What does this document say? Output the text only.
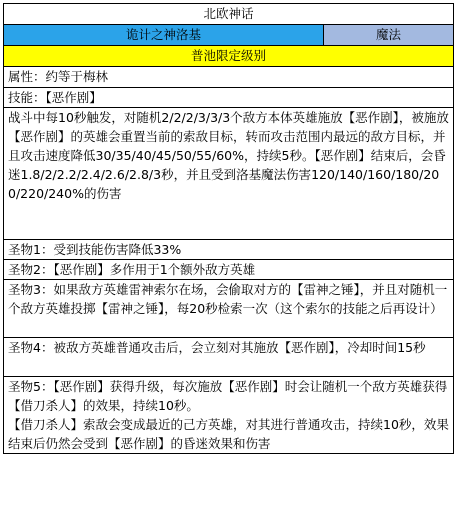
北欧神话
诡计之神洛基	魔法
普池限定级别
属性：约等于梅林
技能：【恶作剧】
战斗中每10秒触发，对随机2/2/2/3/3/3个敌方本体英雄施放【恶作剧】，被施放【恶作剧】的英雄会重置当前的索敌目标，转而攻击范围内最远的敌方目标，并且攻击速度降低30/35/40/45/50/55/60%，持续5秒。【恶作剧】结束后，会昏迷1.8/2/2.2/2.4/2.6/2.8/3秒，并且受到洛基魔法伤害120/140/160/180/200/220/240%的伤害
圣物1：受到技能伤害降低33%
圣物2：【恶作剧】多作用于1个额外敌方英雄
圣物3：如果敌方英雄雷神索尔在场，会偷取对方的【雷神之锤】，并且对随机一个敌方英雄投掷【雷神之锤】，每20秒检索一次（这个索尔的技能之后再设计）
圣物4：被敌方英雄普通攻击后，会立刻对其施放【恶作剧】，冷却时间15秒
圣物5：【恶作剧】获得升级，每次施放【恶作剧】时会让随机一个敌方英雄获得【借刀杀人】的效果，持续10秒。
【借刀杀人】索敌会变成最近的己方英雄，对其进行普通攻击，持续10秒，效果结束后仍然会受到【恶作剧】的昏迷效果和伤害
